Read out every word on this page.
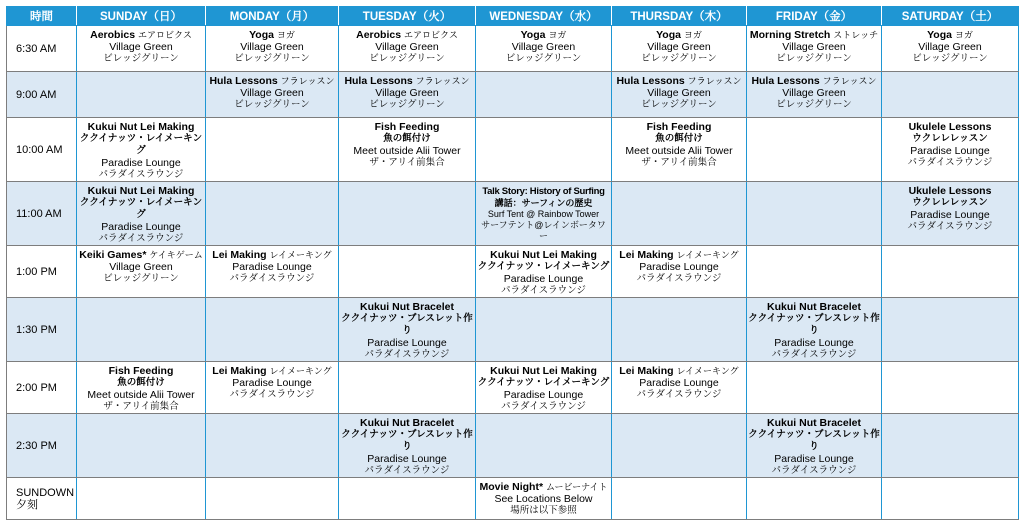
時間	SUNDAY（日）	MONDAY（月）	TUESDAY（火）	WEDNESDAY（水）	THURSDAY（木）	FRIDAY（金）	SATURDAY（土）
6:30 AM	Aerobics エアロビクス
Village Green
ビレッジグリーン	Yoga ヨガ
Village Green
ビレッジグリーン	Aerobics エアロビクス
Village Green
ビレッジグリーン	Yoga ヨガ
Village Green
ビレッジグリーン	Yoga ヨガ
Village Green
ビレッジグリーン	Morning Stretch ストレッチ
Village Green
ビレッジグリーン	Yoga ヨガ
Village Green
ビレッジグリーン

9:00 AM		Hula Lessons フラレッスン
Village Green
ビレッジグリーン	Hula Lessons フラレッスン
Village Green
ビレッジグリーン		Hula Lessons フラレッスン
Village Green
ビレッジグリーン	Hula Lessons フラレッスン
Village Green
ビレッジグリーン	

10:00 AM	Kukui Nut Lei Making
ククイナッツ・レイメーキング
Paradise Lounge
パラダイスラウンジ		Fish Feeding
魚の餌付け
Meet outside Alii Tower
ザ・アリイ前集合		Fish Feeding
魚の餌付け
Meet outside Alii Tower
ザ・アリイ前集合		Ukulele Lessons
ウクレレレッスン
Paradise Lounge
パラダイスラウンジ

11:00 AM	Kukui Nut Lei Making
ククイナッツ・レイメーキング
Paradise Lounge
パラダイスラウンジ			Talk Story: History of Surfing
講話：サーフィンの歴史
Surf Tent @ Rainbow Tower
サーフテント@レインボータワー			Ukulele Lessons
ウクレレレッスン
Paradise Lounge
パラダイスラウンジ

1:00 PM	Keiki Games* ケイキゲーム
Village Green
ビレッジグリーン	Lei Making レイメーキング
Paradise Lounge
パラダイスラウンジ		Kukui Nut Lei Making
ククイナッツ・レイメーキング
Paradise Lounge
パラダイスラウンジ	Lei Making レイメーキング
Paradise Lounge
パラダイスラウンジ		

1:30 PM			Kukui Nut Bracelet
ククイナッツ・ブレスレット作り
Paradise Lounge
パラダイスラウンジ			Kukui Nut Bracelet
ククイナッツ・ブレスレット作り
Paradise Lounge
パラダイスラウンジ	

2:00 PM	Fish Feeding
魚の餌付け
Meet outside Alii Tower
ザ・アリイ前集合	Lei Making レイメーキング
Paradise Lounge
パラダイスラウンジ		Kukui Nut Lei Making
ククイナッツ・レイメーキング
Paradise Lounge
パラダイスラウンジ	Lei Making レイメーキング
Paradise Lounge
パラダイスラウンジ		

2:30 PM			Kukui Nut Bracelet
ククイナッツ・ブレスレット作り
Paradise Lounge
パラダイスラウンジ			Kukui Nut Bracelet
ククイナッツ・ブレスレット作り
Paradise Lounge
パラダイスラウンジ	

SUNDOWN
夕刻				Movie Night* ムービーナイト
See Locations Below
場所は以下参照			
